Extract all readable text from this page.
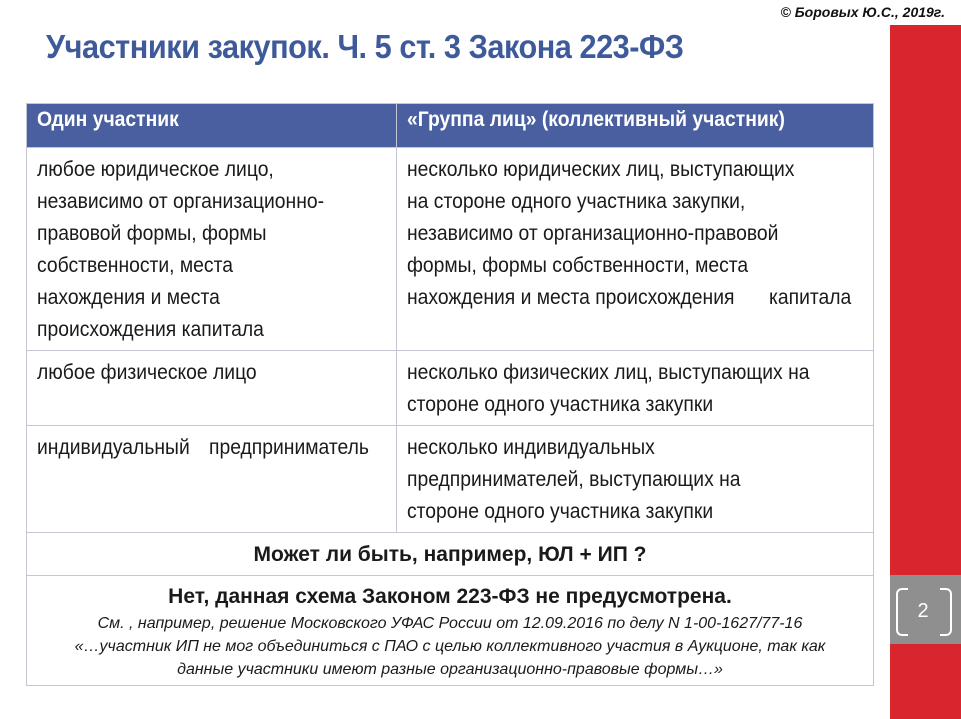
© Боровых Ю.С., 2019г.
Участники закупок. Ч. 5 ст. 3 Закона 223-ФЗ
2
Один участник	«Группа лиц» (коллективный участник)
любое юридическое лицо, независимо от организационно- правовой формы, формы собственности, места нахождения и места происхождения капитала	несколько юридических лиц, выступающих на стороне одного участника закупки, независимо от организационно-правовой формы, формы собственности, места нахождения и места происхождения капитала
любое физическое лицо	несколько физических лиц, выступающих на стороне одного участника закупки
индивидуальный предприниматель	несколько индивидуальных предпринимателей, выступающих на стороне одного участника закупки
Может ли быть, например, ЮЛ + ИП ?	

Нет, данная схема Законом 223-ФЗ не предусмотрена.
См. , например, решение Московского УФАС России от 12.09.2016 по делу N 1-00-1627/77-16
«…участник ИП не мог объединиться с ПАО с целью коллективного участия в Аукционе, так как
данные участники имеют разные организационно-правовые формы…»	
